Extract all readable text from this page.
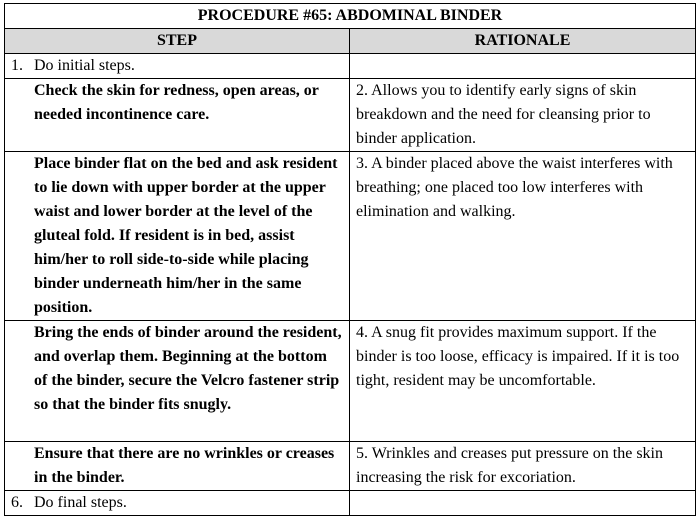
PROCEDURE #65: ABDOMINAL BINDER	
STEP	RATIONALE
1. Do initial steps.	

Check the skin for redness, open areas, or needed incontinence care.	2. Allows you to identify early signs of skin breakdown and the need for cleansing prior to binder application.

Place binder flat on the bed and ask resident to lie down with upper border at the upper waist and lower border at the level of the gluteal fold. If resident is in bed, assist him/her to roll side-to-side while placing binder underneath him/her in the same position.	3. A binder placed above the waist interferes with breathing; one placed too low interferes with elimination and walking.

Bring the ends of binder around the resident, and overlap them. Beginning at the bottom of the binder, secure the Velcro fastener strip so that the binder fits snugly.	4. A snug fit provides maximum support. If the binder is too loose, efficacy is impaired. If it is too tight, resident may be uncomfortable.

Ensure that there are no wrinkles or creases in the binder.	5. Wrinkles and creases put pressure on the skin increasing the risk for excoriation.
6. Do final steps.	
